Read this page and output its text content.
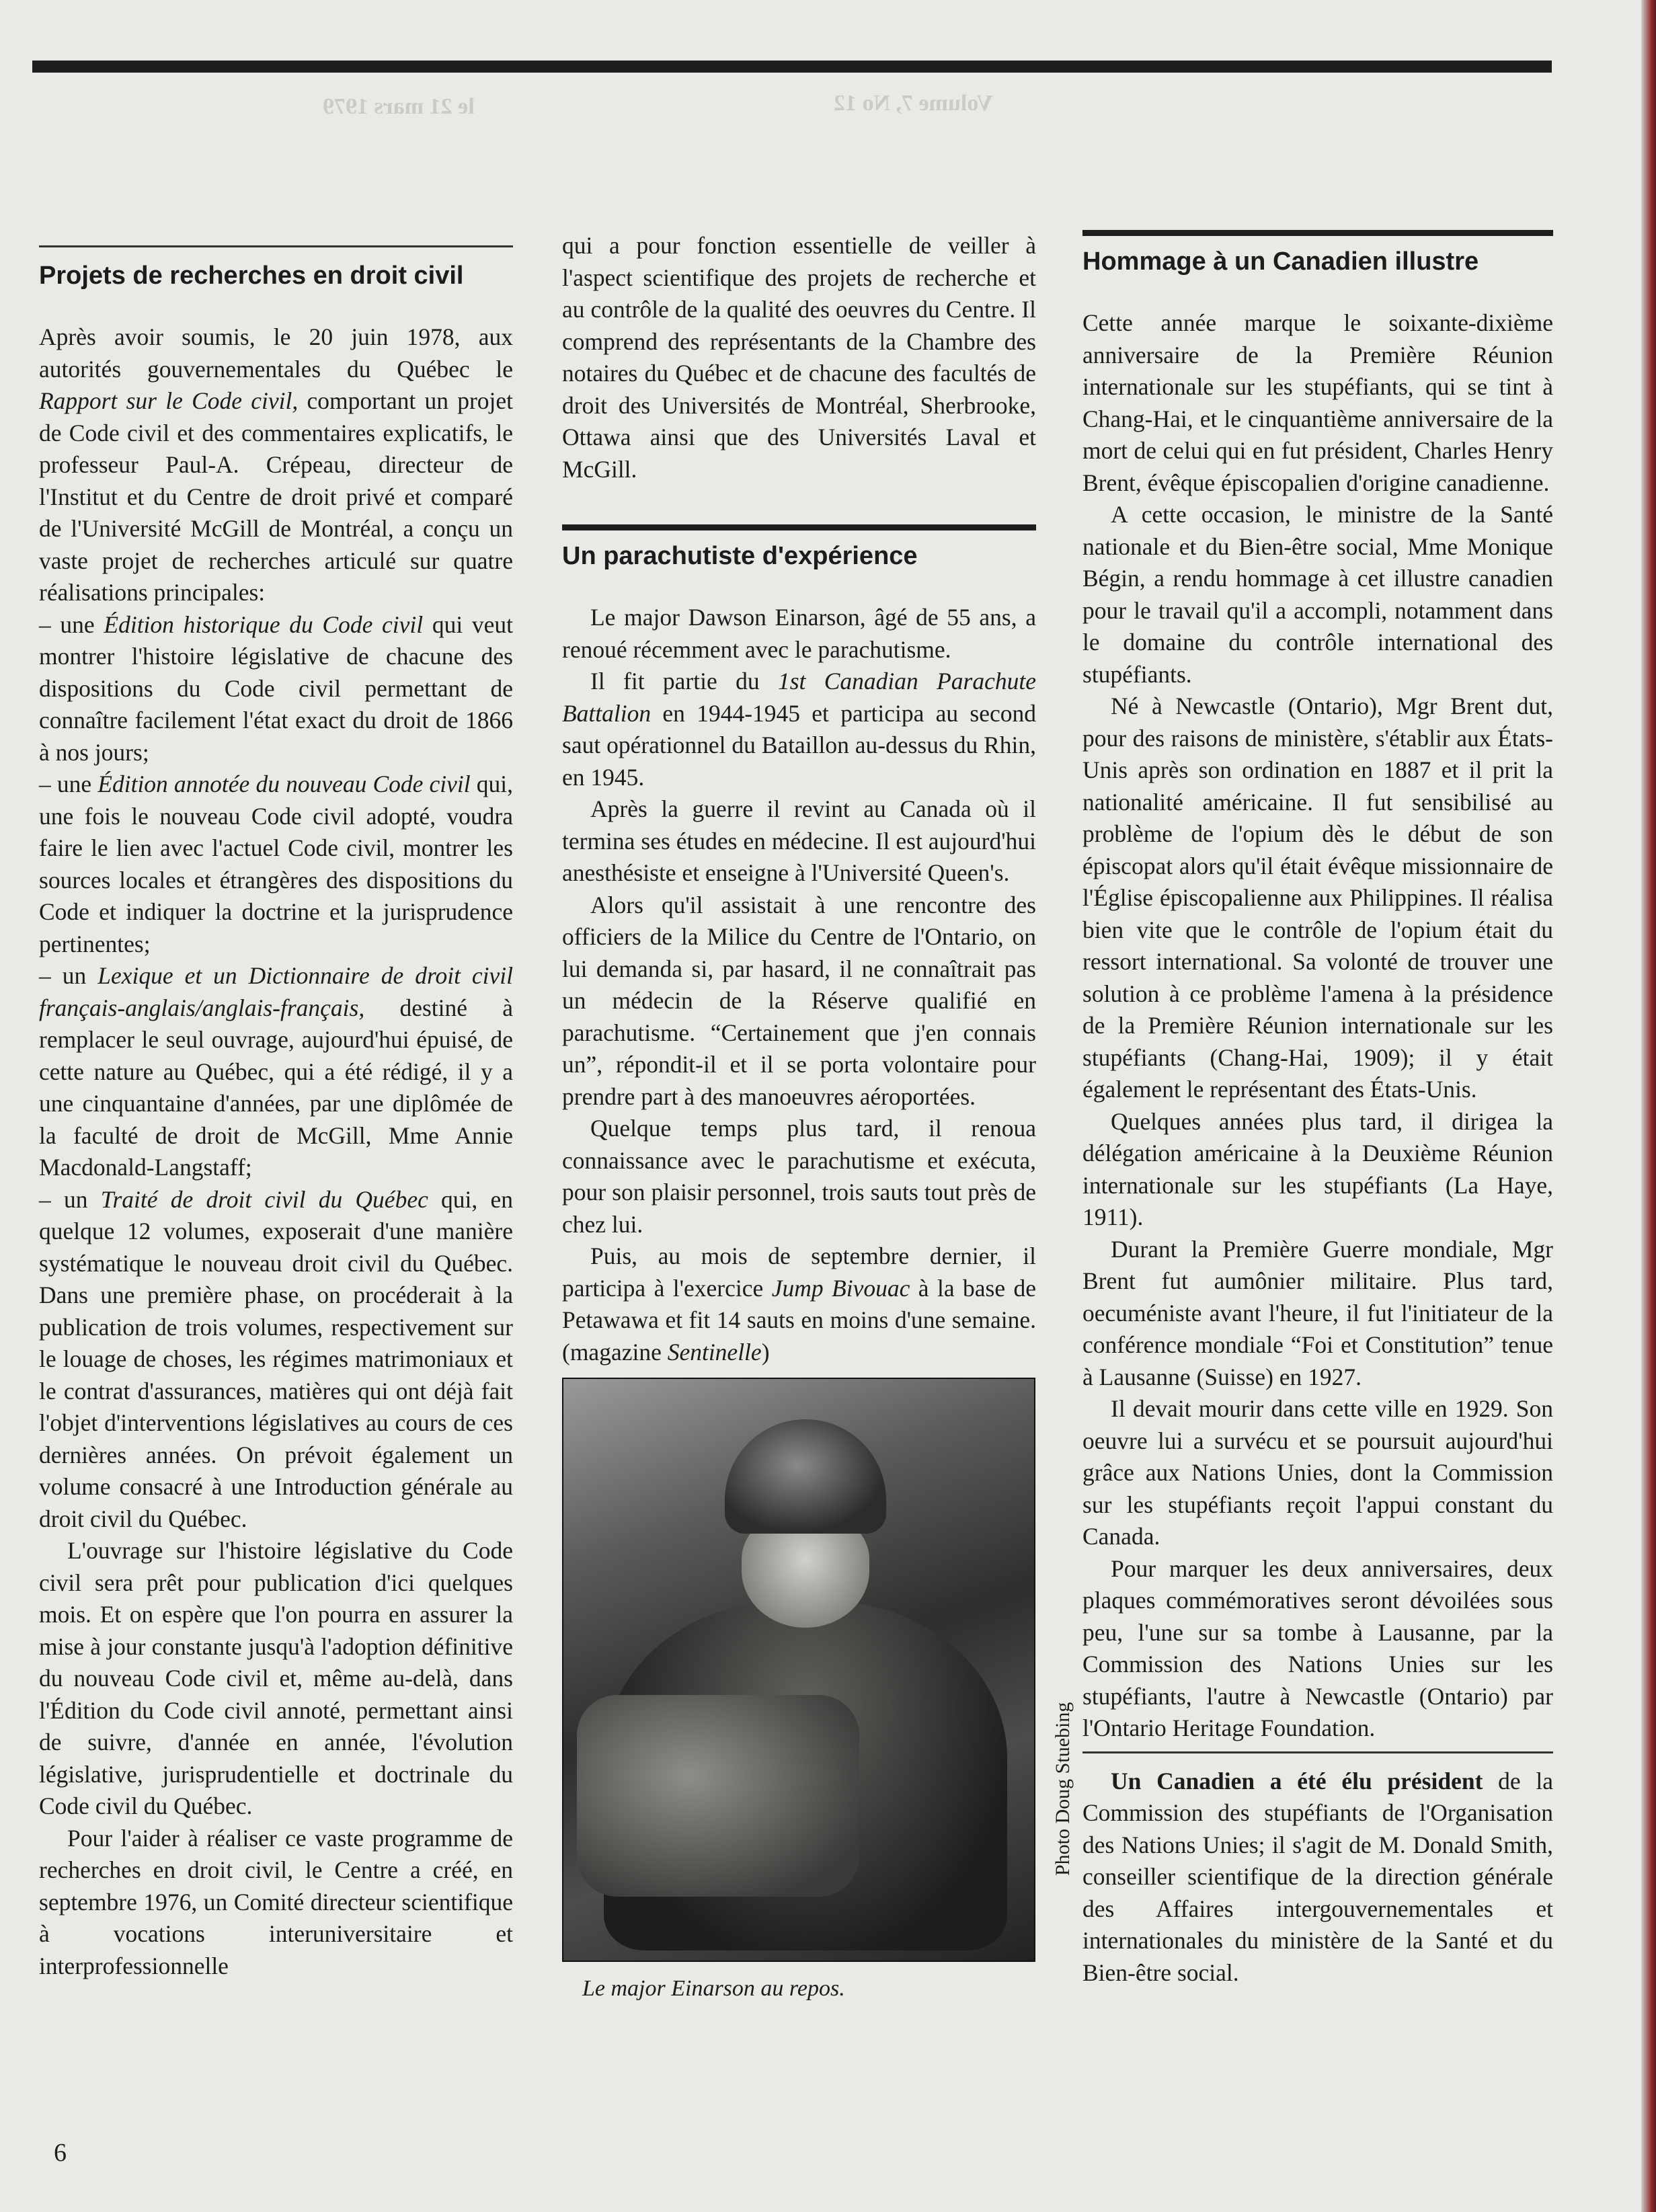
le 21 mars 1979	Volume 7, No 12
Projets de recherches en droit civil

Après avoir soumis, le 20 juin 1978, aux autorités gouvernementales du Québec le Rapport sur le Code civil, comportant un projet de Code civil et des commentaires explicatifs, le professeur Paul-A. Crépeau, directeur de l'Institut et du Centre de droit privé et comparé de l'Université McGill de Montréal, a conçu un vaste projet de recherches articulé sur quatre réalisations principales:

– une Édition historique du Code civil qui veut montrer l'histoire législative de chacune des dispositions du Code civil permettant de connaître facilement l'état exact du droit de 1866 à nos jours;

– une Édition annotée du nouveau Code civil qui, une fois le nouveau Code civil adopté, voudra faire le lien avec l'actuel Code civil, montrer les sources locales et étrangères des dispositions du Code et indiquer la doctrine et la jurisprudence pertinentes;

– un Lexique et un Dictionnaire de droit civil français-anglais/anglais-français, destiné à remplacer le seul ouvrage, aujourd'hui épuisé, de cette nature au Québec, qui a été rédigé, il y a une cinquantaine d'années, par une diplômée de la faculté de droit de McGill, Mme Annie Macdonald-Langstaff;

– un Traité de droit civil du Québec qui, en quelque 12 volumes, exposerait d'une manière systématique le nouveau droit civil du Québec. Dans une première phase, on procéderait à la publication de trois volumes, respectivement sur le louage de choses, les régimes matrimoniaux et le contrat d'assurances, matières qui ont déjà fait l'objet d'interventions législatives au cours de ces dernières années. On prévoit également un volume consacré à une Introduction générale au droit civil du Québec.

L'ouvrage sur l'histoire législative du Code civil sera prêt pour publication d'ici quelques mois. Et on espère que l'on pourra en assurer la mise à jour constante jusqu'à l'adoption définitive du nouveau Code civil et, même au-delà, dans l'Édition du Code civil annoté, permettant ainsi de suivre, d'année en année, l'évolution législative, jurisprudentielle et doctrinale du Code civil du Québec.

Pour l'aider à réaliser ce vaste programme de recherches en droit civil, le Centre a créé, en septembre 1976, un Comité directeur scientifique à vocations interuniversitaire et interprofessionnelle

qui a pour fonction essentielle de veiller à l'aspect scientifique des projets de recherche et au contrôle de la qualité des oeuvres du Centre. Il comprend des représentants de la Chambre des notaires du Québec et de chacune des facultés de droit des Universités de Montréal, Sherbrooke, Ottawa ainsi que des Universités Laval et McGill.

Un parachutiste d'expérience

Le major Dawson Einarson, âgé de 55 ans, a renoué récemment avec le parachutisme.

Il fit partie du 1st Canadian Parachute Battalion en 1944-1945 et participa au second saut opérationnel du Bataillon au-dessus du Rhin, en 1945.

Après la guerre il revint au Canada où il termina ses études en médecine. Il est aujourd'hui anesthésiste et enseigne à l'Université Queen's.

Alors qu'il assistait à une rencontre des officiers de la Milice du Centre de l'Ontario, on lui demanda si, par hasard, il ne connaîtrait pas un médecin de la Réserve qualifié en parachutisme. “Certainement que j'en connais un”, répondit-il et il se porta volontaire pour prendre part à des manoeuvres aéroportées.

Quelque temps plus tard, il renoua connaissance avec le parachutisme et exécuta, pour son plaisir personnel, trois sauts tout près de chez lui.

Puis, au mois de septembre dernier, il participa à l'exercice Jump Bivouac à la base de Petawawa et fit 14 sauts en moins d'une semaine. (magazine Sentinelle)

Le major Einarson au repos.

Photo Doug Stuebing
Hommage à un Canadien illustre

Cette année marque le soixante-dixième anniversaire de la Première Réunion internationale sur les stupéfiants, qui se tint à Chang-Hai, et le cinquantième anniversaire de la mort de celui qui en fut président, Charles Henry Brent, évêque épiscopalien d'origine canadienne.

A cette occasion, le ministre de la Santé nationale et du Bien-être social, Mme Monique Bégin, a rendu hommage à cet illustre canadien pour le travail qu'il a accompli, notamment dans le domaine du contrôle international des stupéfiants.

Né à Newcastle (Ontario), Mgr Brent dut, pour des raisons de ministère, s'établir aux États-Unis après son ordination en 1887 et il prit la nationalité américaine. Il fut sensibilisé au problème de l'opium dès le début de son épiscopat alors qu'il était évêque missionnaire de l'Église épiscopalienne aux Philippines. Il réalisa bien vite que le contrôle de l'opium était du ressort international. Sa volonté de trouver une solution à ce problème l'amena à la présidence de la Première Réunion internationale sur les stupéfiants (Chang-Hai, 1909); il y était également le représentant des États-Unis.

Quelques années plus tard, il dirigea la délégation américaine à la Deuxième Réunion internationale sur les stupéfiants (La Haye, 1911).

Durant la Première Guerre mondiale, Mgr Brent fut aumônier militaire. Plus tard, oecuméniste avant l'heure, il fut l'initiateur de la conférence mondiale “Foi et Constitution” tenue à Lausanne (Suisse) en 1927.

Il devait mourir dans cette ville en 1929. Son oeuvre lui a survécu et se poursuit aujourd'hui grâce aux Nations Unies, dont la Commission sur les stupéfiants reçoit l'appui constant du Canada.

Pour marquer les deux anniversaires, deux plaques commémoratives seront dévoilées sous peu, l'une sur sa tombe à Lausanne, par la Commission des Nations Unies sur les stupéfiants, l'autre à Newcastle (Ontario) par l'Ontario Heritage Foundation.

Un Canadien a été élu président de la Commission des stupéfiants de l'Organisation des Nations Unies; il s'agit de M. Donald Smith, conseiller scientifique de la direction générale des Affaires intergouvernementales et internationales du ministère de la Santé et du Bien-être social.

6
